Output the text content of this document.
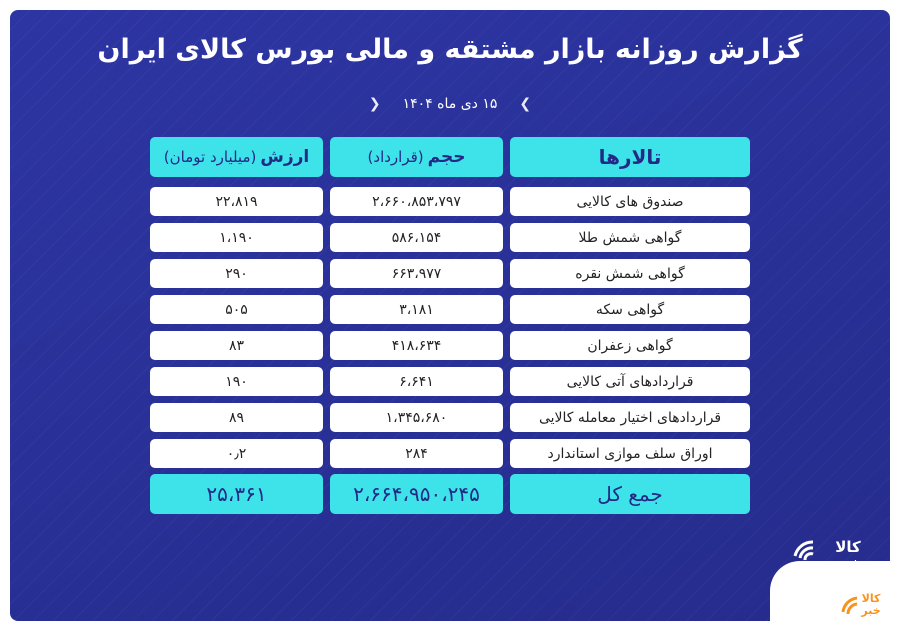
گزارش روزانه بازار مشتقه و مالی بورس کالای ایران
❯
۱۵ دی ماه ۱۴۰۴
❮
تالارها
حجم
(قرارداد)
ارزش
(میلیارد تومان)
صندوق های کالایی
۲،۶۶۰،۸۵۳،۷۹۷
۲۲،۸۱۹
گواهی شمش طلا
۵۸۶،۱۵۴
۱،۱۹۰
گواهی شمش نقره
۶۶۳،۹۷۷
۲۹۰
گواهی سکه
۳،۱۸۱
۵۰۵
گواهی زعفران
۴۱۸،۶۳۴
۸۳
قراردادهای آتی کالایی
۶،۶۴۱
۱۹۰
قراردادهای اختیار معامله کالایی
۱،۳۴۵،۶۸۰
۸۹
اوراق سلف موازی استاندارد
۲۸۴
۰٫۲
جمع کل
۲،۶۶۴،۹۵۰،۲۴۵
۲۵،۳۶۱
کالا
خبر
کالا
خبر
رسانه رسمی بورس کالای ایران
IMEREPORT.IR
